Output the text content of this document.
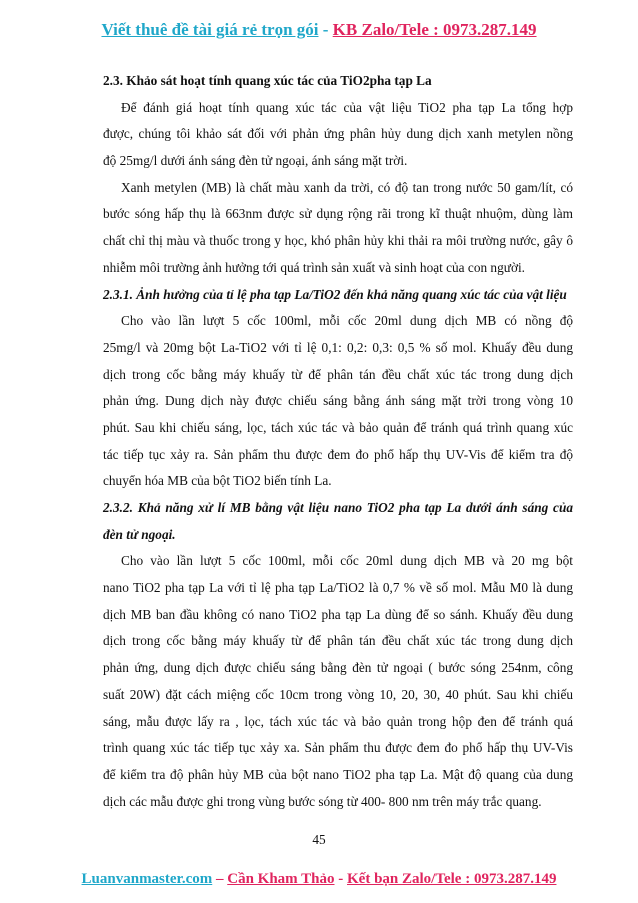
Viết thuê đề tài giá rẻ trọn gói - KB Zalo/Tele : 0973.287.149
2.3. Khảo sát hoạt tính quang xúc tác của TiO2pha tạp La
Để đánh giá hoạt tính quang xúc tác của vật liệu TiO2 pha tạp La tổng hợp
được, chúng tôi khảo sát đối với phản ứng phân hủy dung dịch xanh metylen nồng
độ 25mg/l dưới ánh sáng đèn tử ngoại, ánh sáng mặt trời.
Xanh metylen (MB) là chất màu xanh da trời, có độ tan trong nước 50 gam/lít, có
bước sóng hấp thụ là 663nm được sử dụng rộng rãi trong kĩ thuật nhuộm, dùng làm
chất chỉ thị màu và thuốc trong y học, khó phân hủy khi thải ra môi trường nước, gây ô
nhiễm môi trường ảnh hưởng tới quá trình sản xuất và sinh hoạt của con người.
2.3.1. Ảnh hưởng của tỉ lệ pha tạp La/TiO2 đến khả năng quang xúc tác của vật liệu
Cho vào lần lượt 5 cốc 100ml, mỗi cốc 20ml dung dịch MB có nồng độ
25mg/l và 20mg bột La-TiO2 với tỉ lệ 0,1: 0,2: 0,3: 0,5 % số mol. Khuấy đều dung
dịch trong cốc bằng máy khuấy từ để phân tán đều chất xúc tác trong dung dịch
phản ứng. Dung dịch này được chiếu sáng bằng ánh sáng mặt trời trong vòng 10
phút. Sau khi chiếu sáng, lọc, tách xúc tác và bảo quản để tránh quá trình quang xúc
tác tiếp tục xảy ra. Sản phẩm thu được đem đo phổ hấp thụ UV-Vis để kiểm tra độ
chuyển hóa MB của bột TiO2 biến tính La.
2.3.2. Khả năng xử lí MB bằng vật liệu nano TiO2 pha tạp La dưới ánh sáng của
đèn tử ngoại.
Cho vào lần lượt 5 cốc 100ml, mỗi cốc 20ml dung dịch MB và 20 mg bột
nano TiO2 pha tạp La với tỉ lệ pha tạp La/TiO2 là 0,7 % về số mol. Mẫu M0 là dung
dịch MB ban đầu không có nano TiO2 pha tạp La dùng để so sánh. Khuấy đều dung
dịch trong cốc bằng máy khuấy từ để phân tán đều chất xúc tác trong dung dịch
phản ứng, dung dịch được chiếu sáng bằng đèn tử ngoại ( bước sóng 254nm, công
suất 20W) đặt cách miệng cốc 10cm trong vòng 10, 20, 30, 40 phút. Sau khi chiếu
sáng, mẫu được lấy ra , lọc, tách xúc tác và bảo quản trong hộp đen để tránh quá
trình quang xúc tác tiếp tục xảy xa. Sản phẩm thu được đem đo phổ hấp thụ UV-Vis
để kiểm tra độ phân hủy MB của bột nano TiO2 pha tạp La. Mật độ quang của dung
dịch các mẫu được ghi trong vùng bước sóng từ 400- 800 nm trên máy trắc quang.
45
Luanvanmaster.com – Cần Kham Thảo - Kết bạn Zalo/Tele : 0973.287.149
